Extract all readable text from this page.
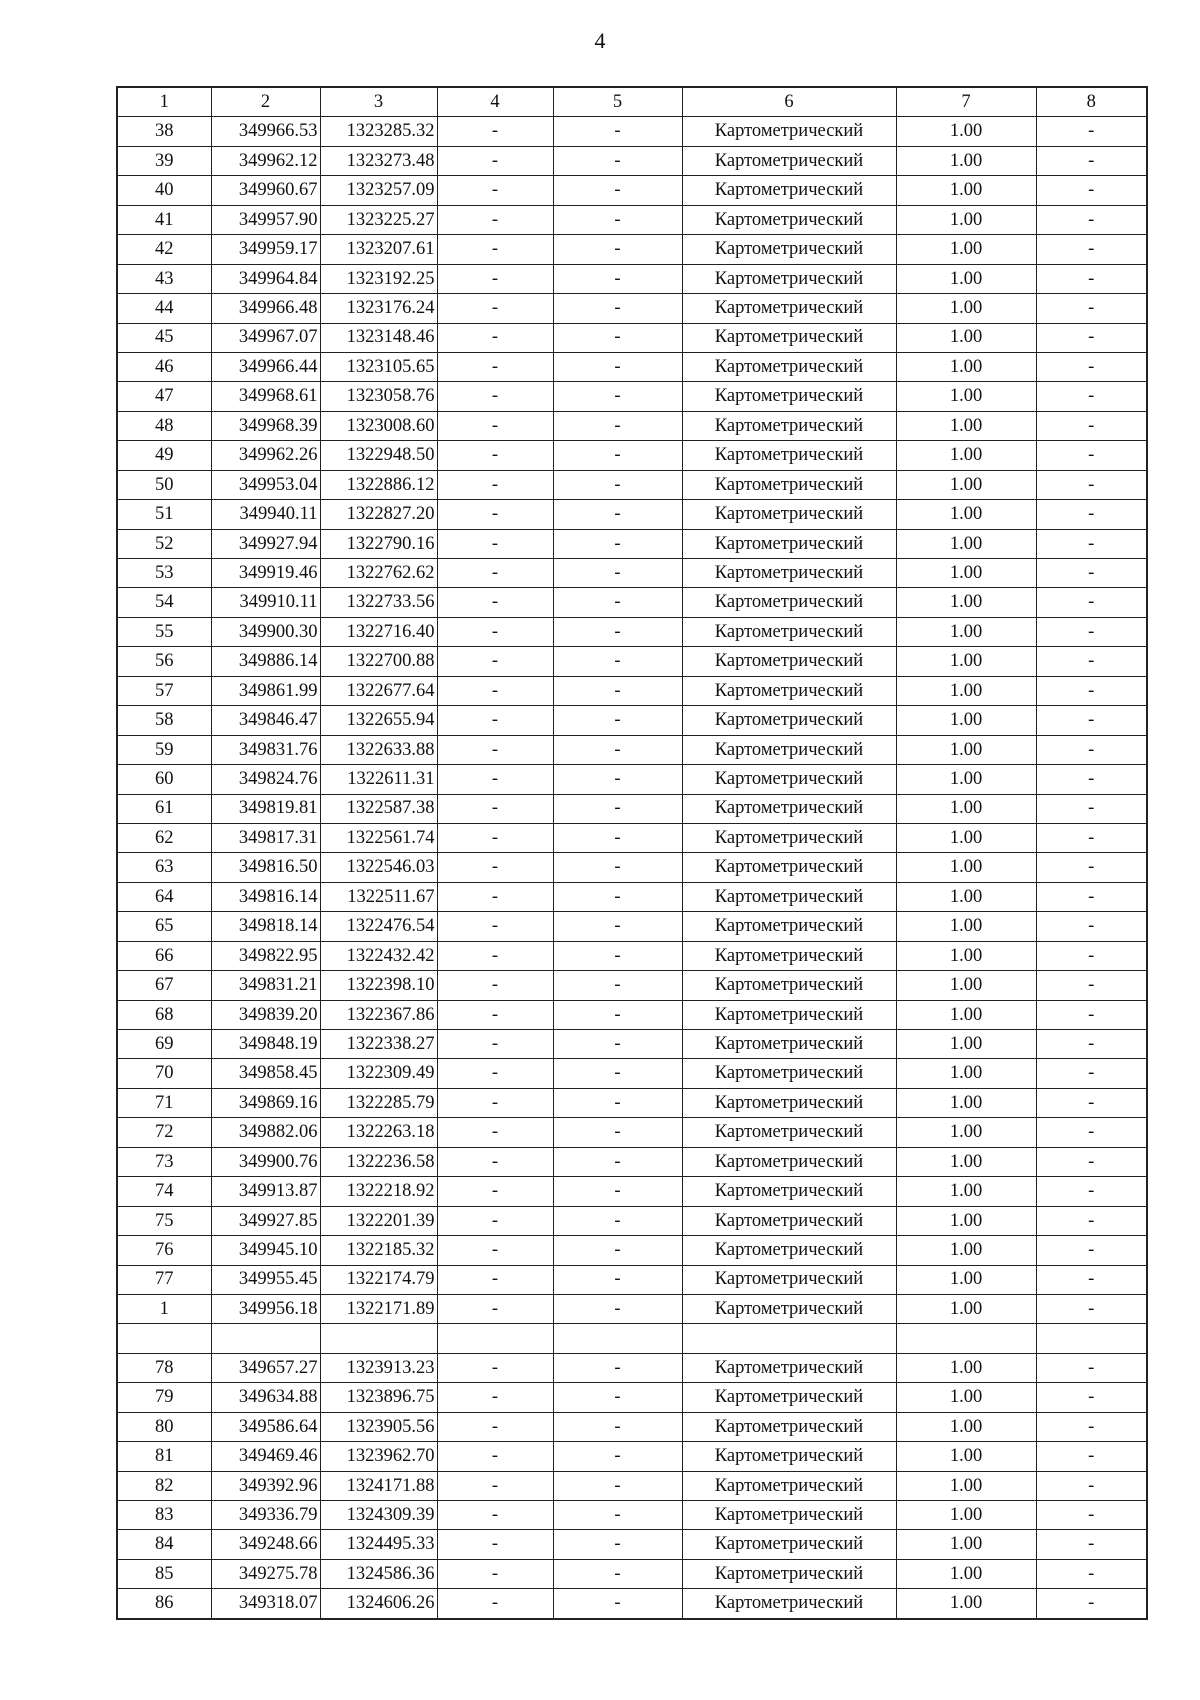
4
1	2	3	4	5	6	7	8
38	349966.53	1323285.32	-	-	Картометрический	1.00	-
39	349962.12	1323273.48	-	-	Картометрический	1.00	-
40	349960.67	1323257.09	-	-	Картометрический	1.00	-
41	349957.90	1323225.27	-	-	Картометрический	1.00	-
42	349959.17	1323207.61	-	-	Картометрический	1.00	-
43	349964.84	1323192.25	-	-	Картометрический	1.00	-
44	349966.48	1323176.24	-	-	Картометрический	1.00	-
45	349967.07	1323148.46	-	-	Картометрический	1.00	-
46	349966.44	1323105.65	-	-	Картометрический	1.00	-
47	349968.61	1323058.76	-	-	Картометрический	1.00	-
48	349968.39	1323008.60	-	-	Картометрический	1.00	-
49	349962.26	1322948.50	-	-	Картометрический	1.00	-
50	349953.04	1322886.12	-	-	Картометрический	1.00	-
51	349940.11	1322827.20	-	-	Картометрический	1.00	-
52	349927.94	1322790.16	-	-	Картометрический	1.00	-
53	349919.46	1322762.62	-	-	Картометрический	1.00	-
54	349910.11	1322733.56	-	-	Картометрический	1.00	-
55	349900.30	1322716.40	-	-	Картометрический	1.00	-
56	349886.14	1322700.88	-	-	Картометрический	1.00	-
57	349861.99	1322677.64	-	-	Картометрический	1.00	-
58	349846.47	1322655.94	-	-	Картометрический	1.00	-
59	349831.76	1322633.88	-	-	Картометрический	1.00	-
60	349824.76	1322611.31	-	-	Картометрический	1.00	-
61	349819.81	1322587.38	-	-	Картометрический	1.00	-
62	349817.31	1322561.74	-	-	Картометрический	1.00	-
63	349816.50	1322546.03	-	-	Картометрический	1.00	-
64	349816.14	1322511.67	-	-	Картометрический	1.00	-
65	349818.14	1322476.54	-	-	Картометрический	1.00	-
66	349822.95	1322432.42	-	-	Картометрический	1.00	-
67	349831.21	1322398.10	-	-	Картометрический	1.00	-
68	349839.20	1322367.86	-	-	Картометрический	1.00	-
69	349848.19	1322338.27	-	-	Картометрический	1.00	-
70	349858.45	1322309.49	-	-	Картометрический	1.00	-
71	349869.16	1322285.79	-	-	Картометрический	1.00	-
72	349882.06	1322263.18	-	-	Картометрический	1.00	-
73	349900.76	1322236.58	-	-	Картометрический	1.00	-
74	349913.87	1322218.92	-	-	Картометрический	1.00	-
75	349927.85	1322201.39	-	-	Картометрический	1.00	-
76	349945.10	1322185.32	-	-	Картометрический	1.00	-
77	349955.45	1322174.79	-	-	Картометрический	1.00	-
1	349956.18	1322171.89	-	-	Картометрический	1.00	-

78	349657.27	1323913.23	-	-	Картометрический	1.00	-
79	349634.88	1323896.75	-	-	Картометрический	1.00	-
80	349586.64	1323905.56	-	-	Картометрический	1.00	-
81	349469.46	1323962.70	-	-	Картометрический	1.00	-
82	349392.96	1324171.88	-	-	Картометрический	1.00	-
83	349336.79	1324309.39	-	-	Картометрический	1.00	-
84	349248.66	1324495.33	-	-	Картометрический	1.00	-
85	349275.78	1324586.36	-	-	Картометрический	1.00	-
86	349318.07	1324606.26	-	-	Картометрический	1.00	-
